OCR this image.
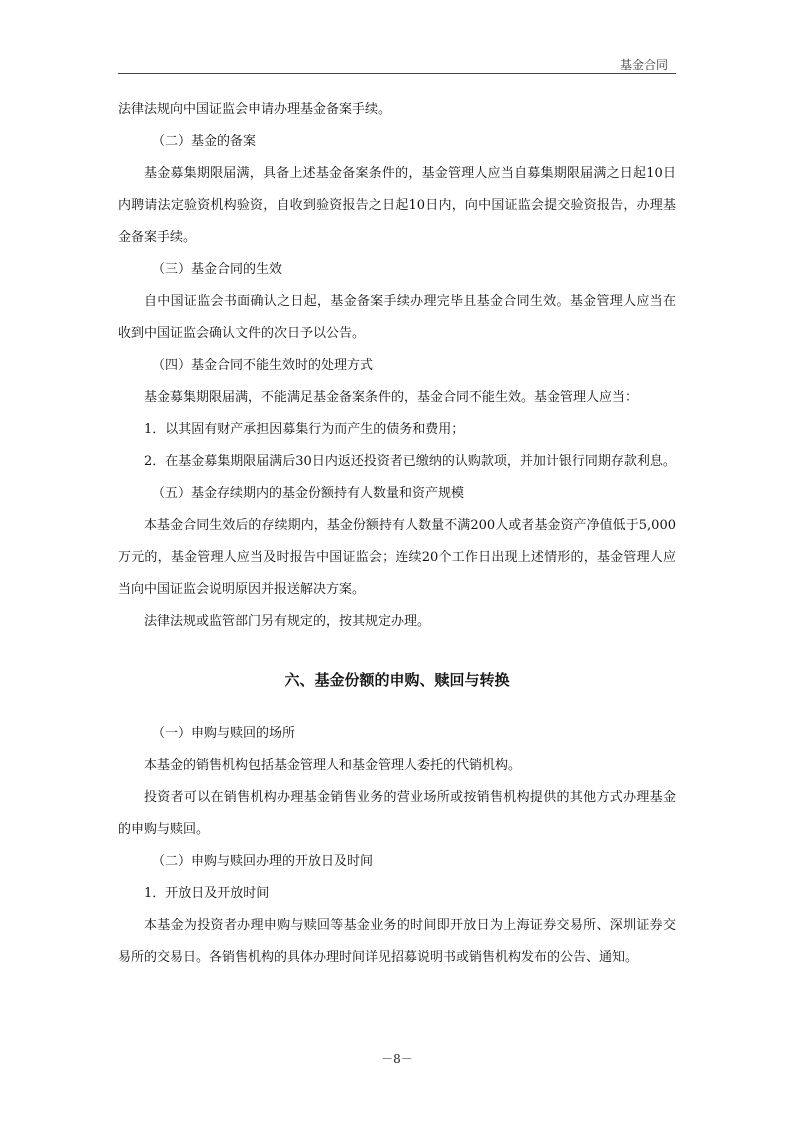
基金合同

法律法规向中国证监会申请办理基金备案手续。

（二）基金的备案

基金募集期限届满，具备上述基金备案条件的，基金管理人应当自募集期限届满之日起10日内聘请法定验资机构验资，自收到验资报告之日起10日内，向中国证监会提交验资报告，办理基金备案手续。

（三）基金合同的生效

自中国证监会书面确认之日起，基金备案手续办理完毕且基金合同生效。基金管理人应当在收到中国证监会确认文件的次日予以公告。

（四）基金合同不能生效时的处理方式

基金募集期限届满，不能满足基金备案条件的，基金合同不能生效。基金管理人应当：

1．以其固有财产承担因募集行为而产生的债务和费用；

2．在基金募集期限届满后30日内返还投资者已缴纳的认购款项，并加计银行同期存款利息。

（五）基金存续期内的基金份额持有人数量和资产规模

本基金合同生效后的存续期内，基金份额持有人数量不满200人或者基金资产净值低于5,000万元的，基金管理人应当及时报告中国证监会；连续20个工作日出现上述情形的，基金管理人应当向中国证监会说明原因并报送解决方案。

法律法规或监管部门另有规定的，按其规定办理。

六、基金份额的申购、赎回与转换

（一）申购与赎回的场所

本基金的销售机构包括基金管理人和基金管理人委托的代销机构。

投资者可以在销售机构办理基金销售业务的营业场所或按销售机构提供的其他方式办理基金的申购与赎回。

（二）申购与赎回办理的开放日及时间

1．开放日及开放时间

本基金为投资者办理申购与赎回等基金业务的时间即开放日为上海证券交易所、深圳证券交易所的交易日。各销售机构的具体办理时间详见招募说明书或销售机构发布的公告、通知。

－8－
